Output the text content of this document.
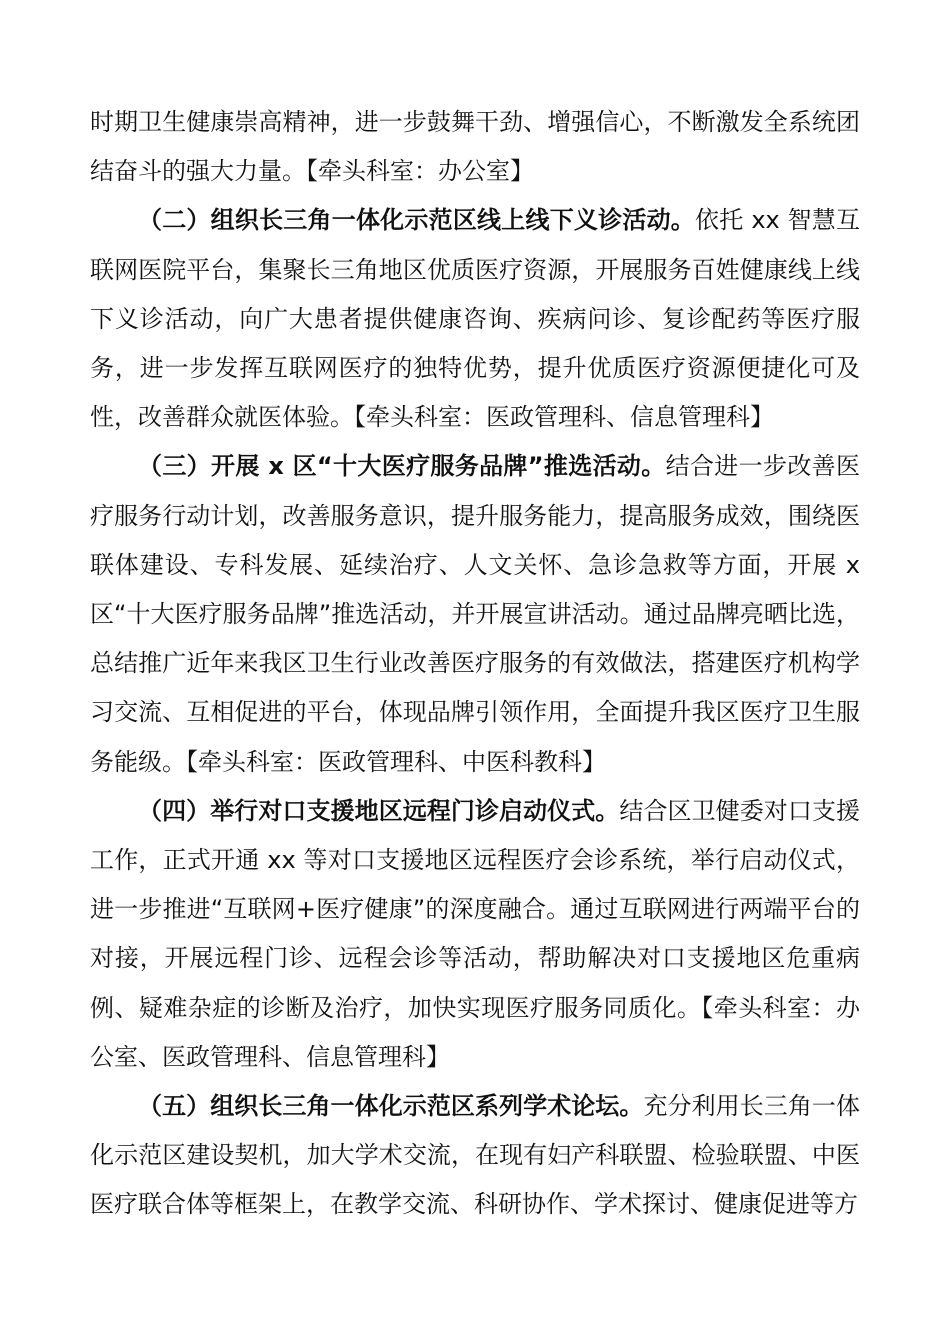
时期卫生健康崇高精神，进一步鼓舞干劲、增强信心，不断激发全系统团结奋斗的强大力量。【牵头科室：办公室】

（二）组织长三角一体化示范区线上线下义诊活动。依托 xx 智慧互联网医院平台，集聚长三角地区优质医疗资源，开展服务百姓健康线上线下义诊活动，向广大患者提供健康咨询、疾病问诊、复诊配药等医疗服务，进一步发挥互联网医疗的独特优势，提升优质医疗资源便捷化可及性，改善群众就医体验。【牵头科室：医政管理科、信息管理科】

（三）开展 x 区“十大医疗服务品牌”推选活动。结合进一步改善医疗服务行动计划，改善服务意识，提升服务能力，提高服务成效，围绕医联体建设、专科发展、延续治疗、人文关怀、急诊急救等方面，开展 x 区“十大医疗服务品牌”推选活动，并开展宣讲活动。通过品牌亮晒比选，总结推广近年来我区卫生行业改善医疗服务的有效做法，搭建医疗机构学习交流、互相促进的平台，体现品牌引领作用，全面提升我区医疗卫生服务能级。【牵头科室：医政管理科、中医科教科】

（四）举行对口支援地区远程门诊启动仪式。结合区卫健委对口支援工作，正式开通 xx 等对口支援地区远程医疗会诊系统，举行启动仪式，进一步推进“互联网+医疗健康”的深度融合。通过互联网进行两端平台的对接，开展远程门诊、远程会诊等活动，帮助解决对口支援地区危重病例、疑难杂症的诊断及治疗，加快实现医疗服务同质化。【牵头科室：办公室、医政管理科、信息管理科】

（五）组织长三角一体化示范区系列学术论坛。充分利用长三角一体化示范区建设契机，加大学术交流，在现有妇产科联盟、检验联盟、中医医疗联合体等框架上，在教学交流、科研协作、学术探讨、健康促进等方
